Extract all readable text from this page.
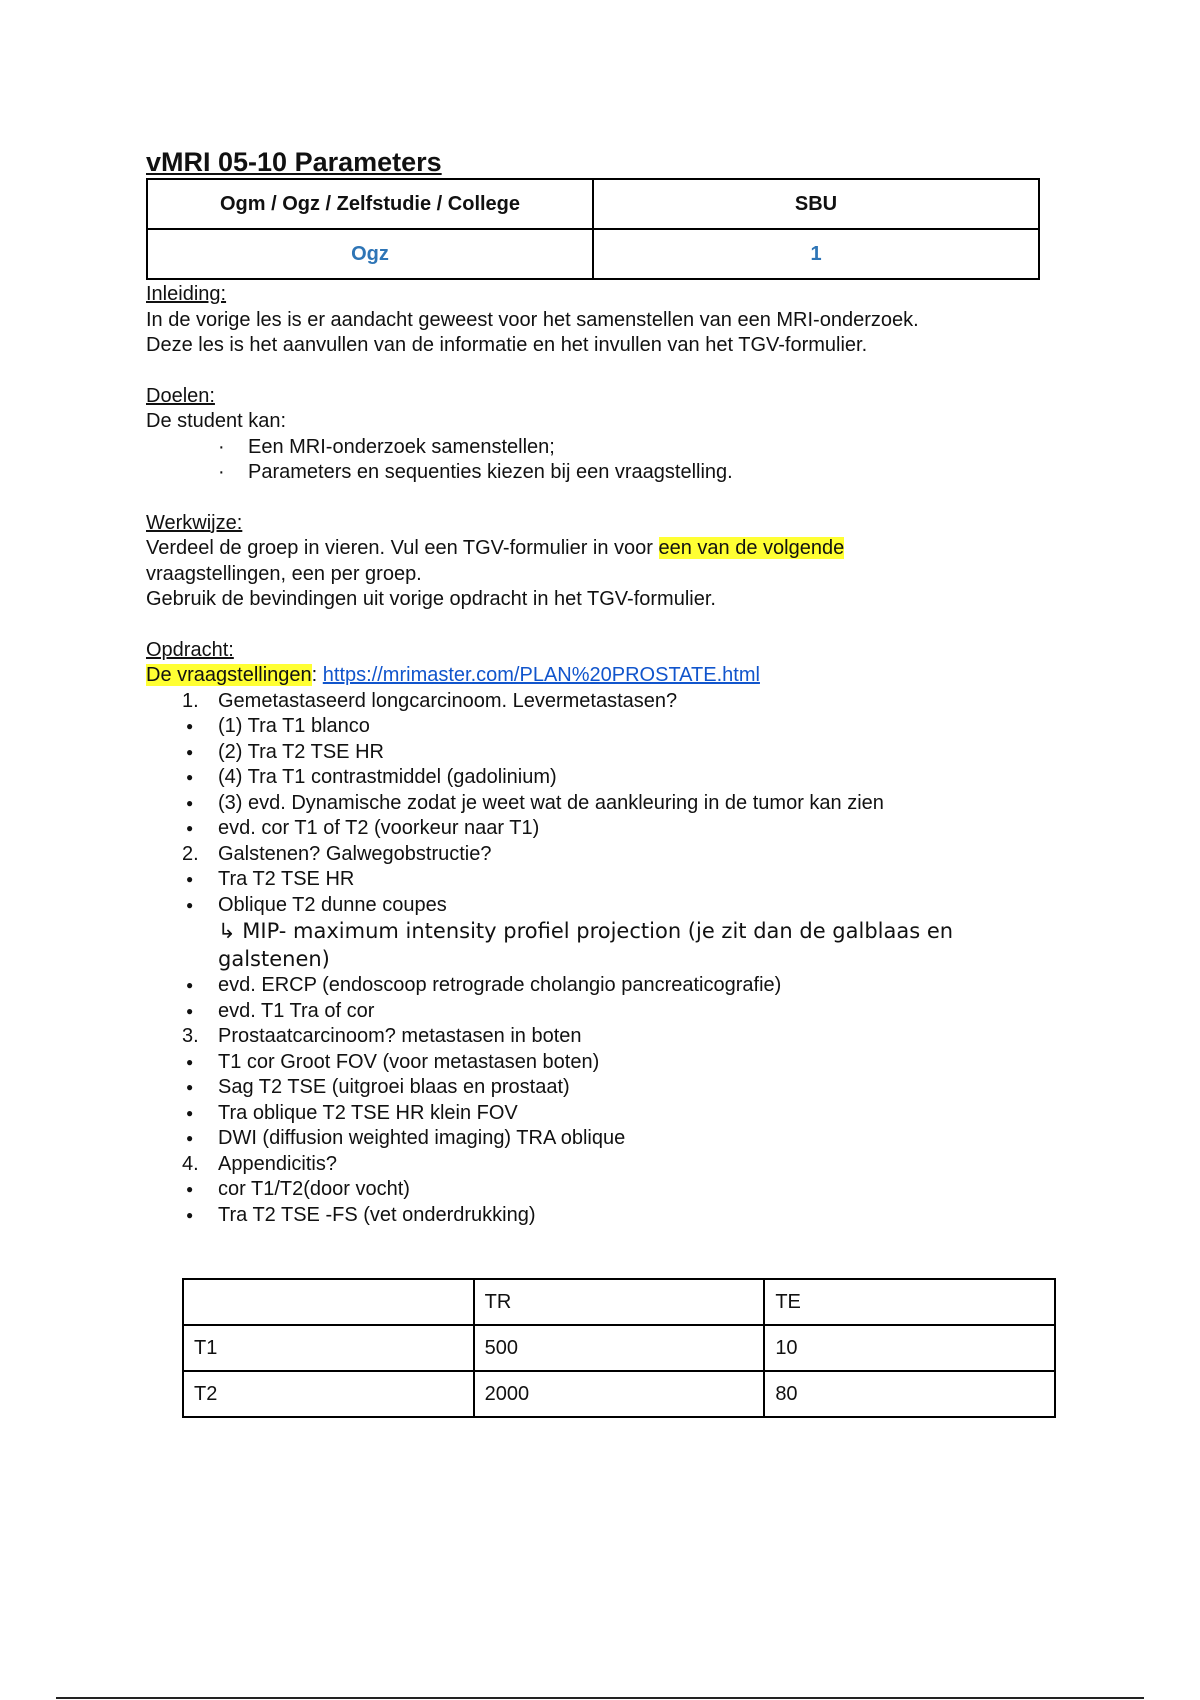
vMRI 05-10 Parameters
Ogm / Ogz / Zelfstudie / College	SBU
Ogz	1

Inleiding:

In de vorige les is er aandacht geweest voor het samenstellen van een MRI-onderzoek.

Deze les is het aanvullen van de informatie en het invullen van het TGV-formulier.

Doelen:

De student kan:

· Een MRI-onderzoek samenstellen;
· Parameters en sequenties kiezen bij een vraagstelling.

Werkwijze:

Verdeel de groep in vieren. Vul een TGV-formulier in voor een van de volgende

vraagstellingen, een per groep.

Gebruik de bevindingen uit vorige opdracht in het TGV-formulier.

Opdracht:

De vraagstellingen: https://mrimaster.com/PLAN%20PROSTATE.html

1. Gemetastaseerd longcarcinoom. Levermetastasen?
● (1) Tra T1 blanco
● (2) Tra T2 TSE HR
● (4) Tra T1 contrastmiddel (gadolinium)
● (3) evd. Dynamische zodat je weet wat de aankleuring in de tumor kan zien
● evd. cor T1 of T2 (voorkeur naar T1)
2. Galstenen? Galwegobstructie?
● Tra T2 TSE HR
● Oblique T2 dunne coupes
↳ MIP- maximum intensity profiel projection (je zit dan de galblaas en galstenen)
● evd. ERCP (endoscoop retrograde cholangio pancreaticografie)
● evd. T1 Tra of cor
3. Prostaatcarcinoom? metastasen in boten
● T1 cor Groot FOV (voor metastasen boten)
● Sag T2 TSE (uitgroei blaas en prostaat)
● Tra oblique T2 TSE HR klein FOV
● DWI (diffusion weighted imaging) TRA oblique
4. Appendicitis?
● cor T1/T2(door vocht)
● Tra T2 TSE -FS (vet onderdrukking)
	TR	TE
T1	500	10
T2	2000	80
